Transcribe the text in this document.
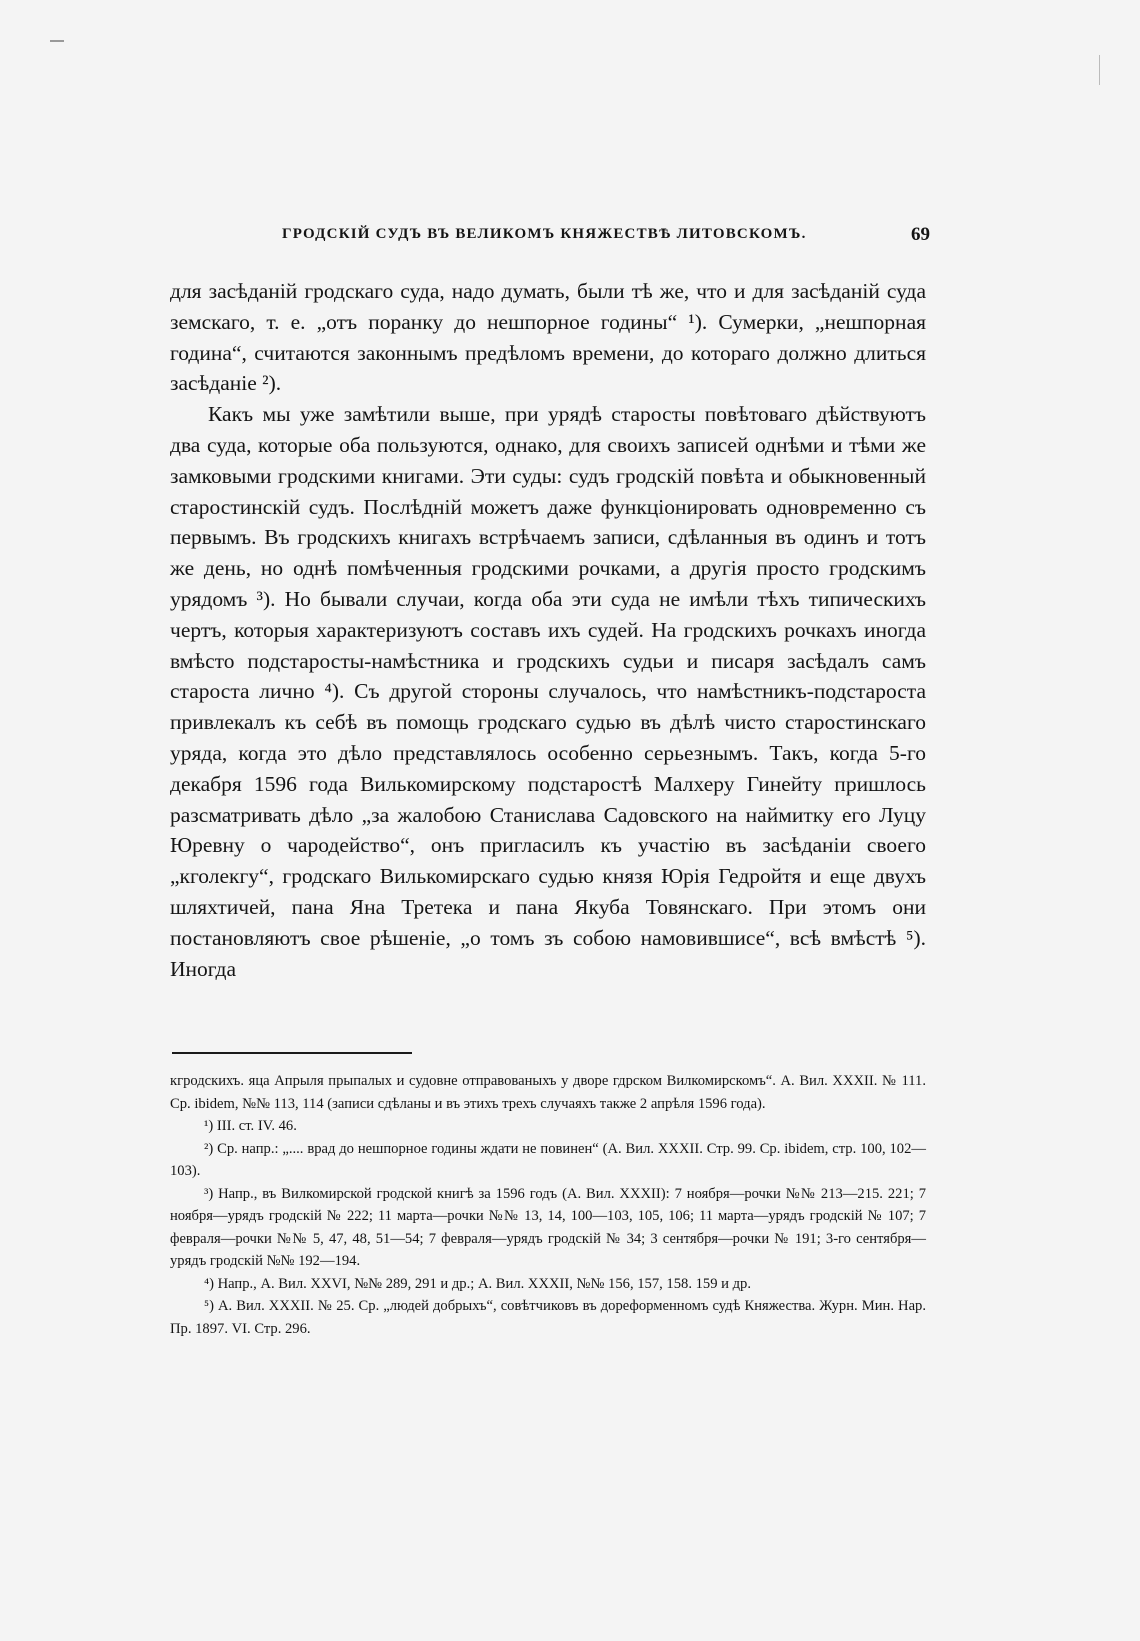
ГРОДСКІЙ СУДЪ ВЪ ВЕЛИКОМЪ КНЯЖЕСТВѢ ЛИТОВСКОМЪ.	69

для засѣданій гродскаго суда, надо думать, были тѣ же, что и для засѣданій суда земскаго, т. е. „отъ поранку до нешпорное годины“ ¹). Сумерки, „нешпорная година“, считаются законнымъ предѣломъ времени, до котораго должно длиться засѣданіе ²).

Какъ мы уже замѣтили выше, при урядѣ старосты повѣтоваго дѣйствуютъ два суда, которые оба пользуются, однако, для своихъ записей однѣми и тѣми же замковыми гродскими книгами. Эти суды: судъ гродскій повѣта и обыкновенный старостинскій судъ. Послѣдній можетъ даже функціонировать одновременно съ первымъ. Въ гродскихъ книгахъ встрѣчаемъ записи, сдѣланныя въ одинъ и тотъ же день, но однѣ помѣченныя гродскими рочками, а другія просто гродскимъ урядомъ ³). Но бывали случаи, когда оба эти суда не имѣли тѣхъ типическихъ чертъ, которыя характеризуютъ составъ ихъ судей. На гродскихъ рочкахъ иногда вмѣсто подстаросты-намѣстника и гродскихъ судьи и писаря засѣдалъ самъ староста лично ⁴). Съ другой стороны случалось, что намѣстникъ-подстароста привлекалъ къ себѣ въ помощь гродскаго судью въ дѣлѣ чисто старостинскаго уряда, когда это дѣло представлялось особенно серьезнымъ. Такъ, когда 5-го декабря 1596 года Вилькомирскому подстаростѣ Малхеру Гинейту пришлось разсматривать дѣло „за жалобою Станислава Садовского на наймитку его Луцу Юревну о чародейство“, онъ пригласилъ къ участію въ засѣданіи своего „кголекгу“, гродскаго Вилькомирскаго судью князя Юрія Гедройтя и еще двухъ шляхтичей, пана Яна Третека и пана Якуба Товянскаго. При этомъ они постановляютъ свое рѣшеніе, „о томъ зъ собою намовившисе“, всѣ вмѣстѣ ⁵). Иногда

кгродскихъ. яца Апрыля прыпалых и судовне отправованыхъ у дворе гдрском Вилкомирскомъ“. А. Вил. XXXII. № 111. Ср. ibidem, №№ 113, 114 (записи сдѣланы и въ этихъ трехъ случаяхъ также 2 апрѣля 1596 года).

¹) III. ст. IV. 46.

²) Ср. напр.: „.... врад до нешпорное годины ждати не повинен“ (А. Вил. XXXII. Стр. 99. Ср. ibidem, стр. 100, 102—103).

³) Напр., въ Вилкомирской гродской книгѣ за 1596 годъ (А. Вил. XXXII): 7 ноября—рочки №№ 213—215. 221; 7 ноября—урядъ гродскій № 222; 11 марта—рочки №№ 13, 14, 100—103, 105, 106; 11 марта—урядъ гродскій № 107; 7 февраля—рочки №№ 5, 47, 48, 51—54; 7 февраля—урядъ гродскій № 34; 3 сентября—рочки № 191; 3-го сентября—урядъ гродскій №№ 192—194.

⁴) Напр., А. Вил. XXVI, №№ 289, 291 и др.; А. Вил. XXXII, №№ 156, 157, 158. 159 и др.

⁵) А. Вил. XXXII. № 25. Ср. „людей добрыхъ“, совѣтчиковъ въ дореформенномъ судѣ Княжества. Журн. Мин. Нар. Пр. 1897. VI. Стр. 296.
